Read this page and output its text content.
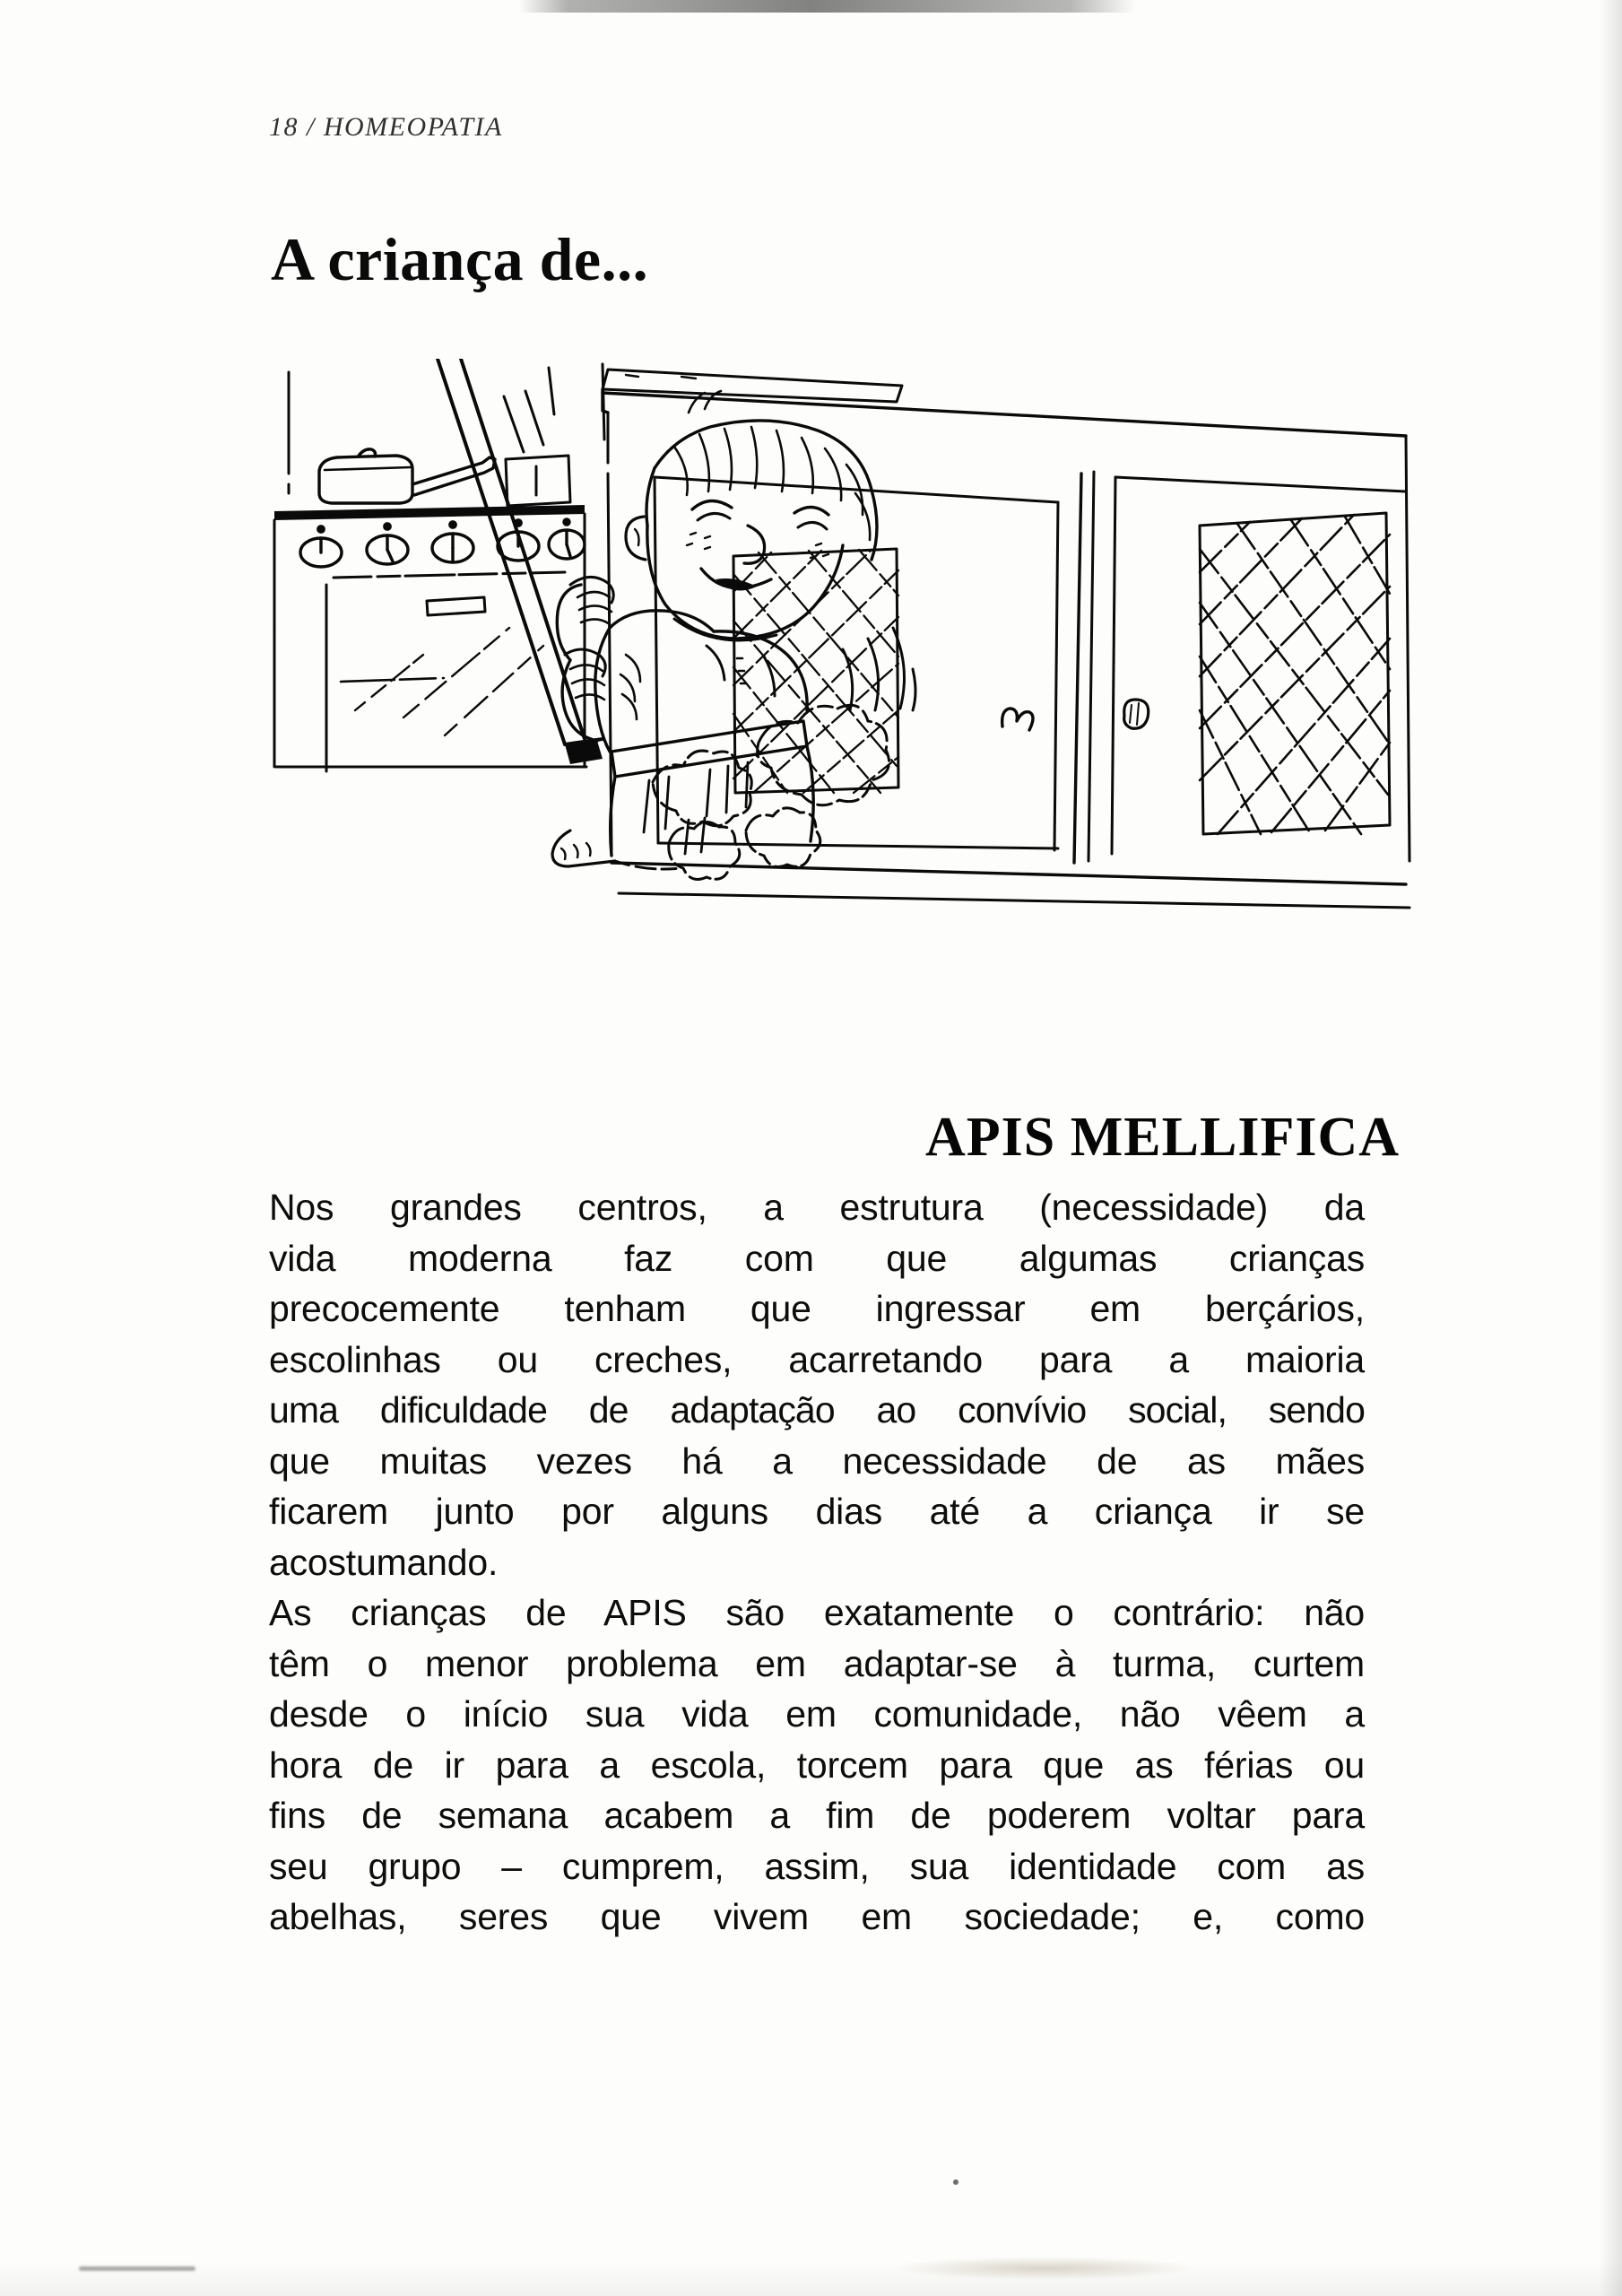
18 / HOMEOPATIA
A criança de...
APIS MELLIFICA

Nos grandes centros, a estrutura (necessidade) da
vida moderna faz com que algumas crianças
precocemente tenham que ingressar em berçários,
escolinhas ou creches, acarretando para a maioria
uma dificuldade de adaptação ao convívio social, sendo
que muitas vezes há a necessidade de as mães
ficarem junto por alguns dias até a criança ir se
acostumando.

As crianças de APIS são exatamente o contrário: não
têm o menor problema em adaptar-se à turma, curtem
desde o início sua vida em comunidade, não vêem a
hora de ir para a escola, torcem para que as férias ou
fins de semana acabem a fim de poderem voltar para
seu grupo – cumprem, assim, sua identidade com as
abelhas, seres que vivem em sociedade; e, como
